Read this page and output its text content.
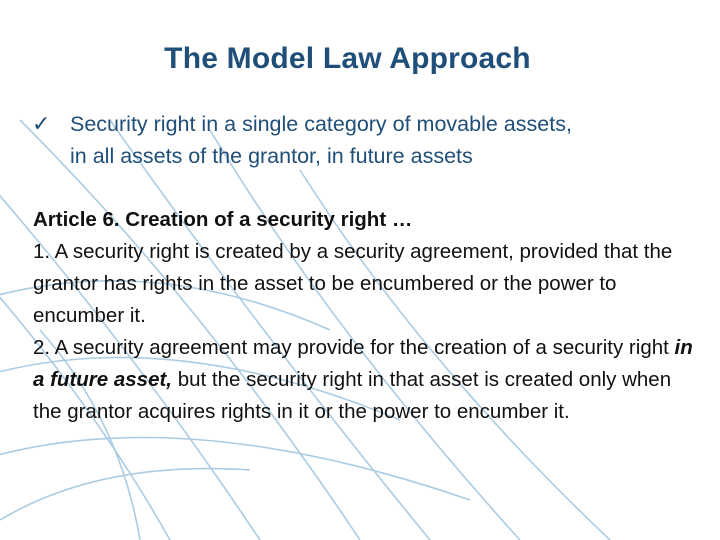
The Model Law Approach
✓ Security right in a single category of movable assets,
in all assets of the grantor, in future assets

Article 6. Creation of a security right …

1. A security right is created by a security agreement, provided that the grantor has rights in the asset to be encumbered or the power to encumber it.

2. A security agreement may provide for the creation of a security right in a future asset, but the security right in that asset is created only when the grantor acquires rights in it or the power to encumber it.
